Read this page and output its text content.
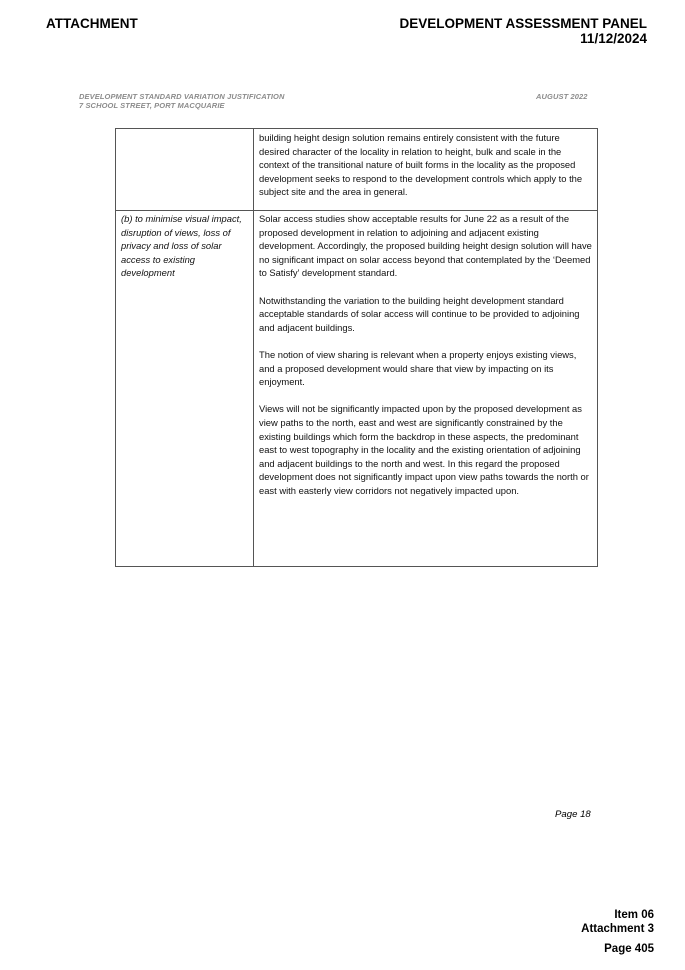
ATTACHMENT	DEVELOPMENT ASSESSMENT PANEL
11/12/2024
DEVELOPMENT STANDARD VARIATION JUSTIFICATION
7 SCHOOL STREET, PORT MACQUARIE
AUGUST 2022

	building height design solution remains entirely consistent with the future desired character of the locality in relation to height, bulk and scale in the context of the transitional nature of built forms in the locality as the proposed development seeks to respond to the development controls which apply to the subject site and the area in general.

(b) to minimise visual impact, disruption of views, loss of privacy and loss of solar access to existing development	Solar access studies show acceptable results for June 22 as a result of the proposed development in relation to adjoining and adjacent existing development. Accordingly, the proposed building height design solution will have no significant impact on solar access beyond that contemplated by the ‘Deemed to Satisfy’ development standard.

Notwithstanding the variation to the building height development standard acceptable standards of solar access will continue to be provided to adjoining and adjacent buildings.

The notion of view sharing is relevant when a property enjoys existing views, and a proposed development would share that view by impacting on its enjoyment.

Views will not be significantly impacted upon by the proposed development as view paths to the north, east and west are significantly constrained by the existing buildings which form the backdrop in these aspects, the predominant east to west topography in the locality and the existing orientation of adjoining and adjacent buildings to the north and west. In this regard the proposed development does not significantly impact upon view paths towards the north or east with easterly view corridors not negatively impacted upon.

Page 18
Item 06
Attachment 3
Page 405
